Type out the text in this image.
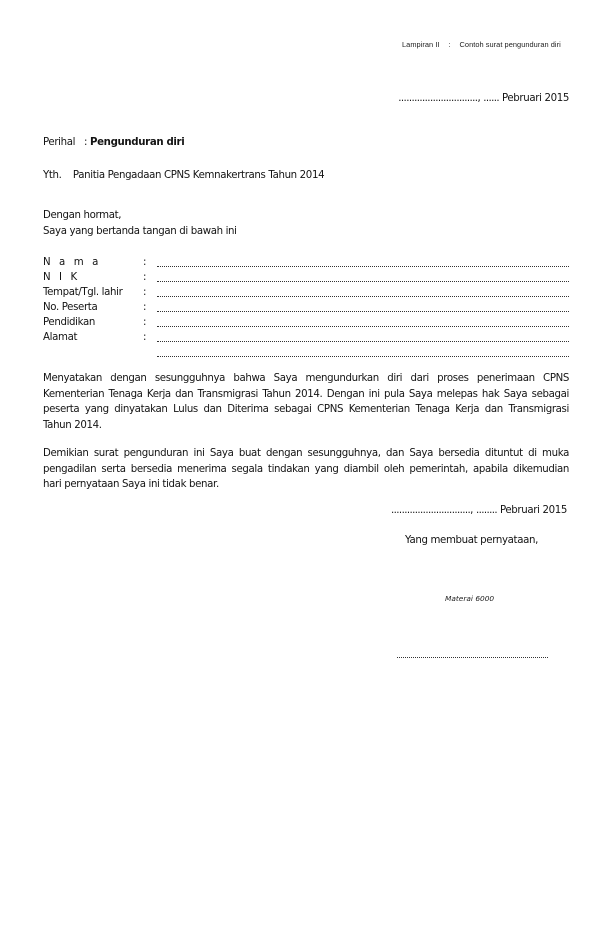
Lampiran II : Contoh surat pengunduran diri
.............................., ...... Pebruari 2015
Perihal : Pengunduran diri
Yth. Panitia Pengadaan CPNS Kemnakertrans Tahun 2014
Dengan hormat,
Saya yang bertanda tangan di bawah ini
N a m a	:
N I K	:
Tempat/Tgl. lahir :
No. Peserta	:
Pendidikan	:
Alamat	:
Menyatakan dengan sesungguhnya bahwa Saya mengundurkan diri dari proses penerimaan CPNS
Kementerian Tenaga Kerja dan Transmigrasi Tahun 2014. Dengan ini pula Saya melepas hak Saya sebagai
peserta yang dinyatakan Lulus dan Diterima sebagai CPNS Kementerian Tenaga Kerja dan Transmigrasi
Tahun 2014.
Demikian surat pengunduran ini Saya buat dengan sesungguhnya, dan Saya bersedia dituntut di muka
pengadilan serta bersedia menerima segala tindakan yang diambil oleh pemerintah, apabila dikemudian
hari pernyataan Saya ini tidak benar.
.............................., ........ Pebruari 2015
Yang membuat pernyataan,
Materai 6000
